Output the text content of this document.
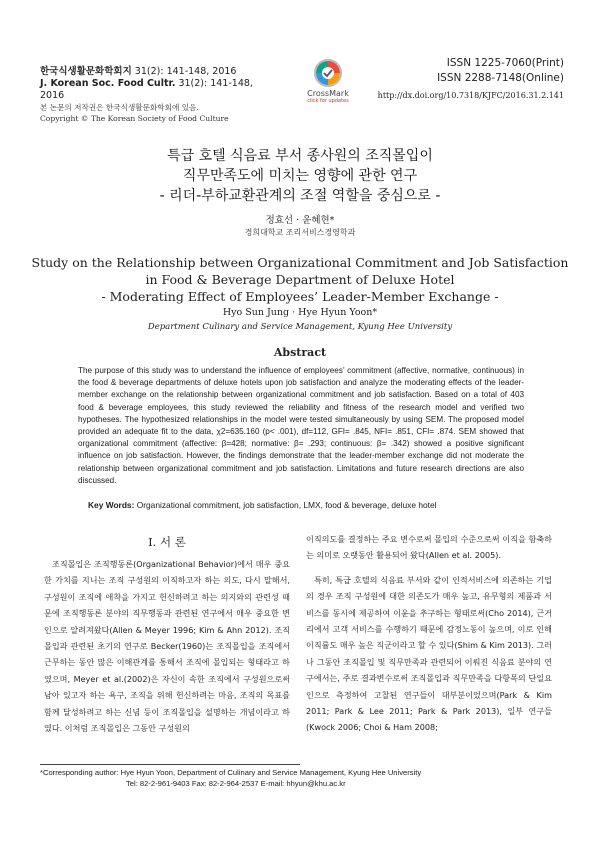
한국식생활문화학회지 31(2): 141-148, 2016
J. Korean Soc. Food Cultr. 31(2): 141-148, 2016
본 논문의 저작권은 한국식생활문화학회에 있음.
Copyright © The Korean Society of Food Culture
CrossMark
click for updates
ISSN 1225-7060(Print)
ISSN 2288-7148(Online)
http://dx.doi.org/10.7318/KJFC/2016.31.2.141
특급 호텔 식음료 부서 종사원의 조직몰입이
직무만족도에 미치는 영향에 관한 연구
- 리더-부하교환관계의 조절 역할을 중심으로 -
정효선 · 윤혜현*
경희대학교 조리서비스경영학과
Study on the Relationship between Organizational Commitment and Job Satisfaction
in Food & Beverage Department of Deluxe Hotel
- Moderating Effect of Employees’ Leader-Member Exchange -
Hyo Sun Jung · Hye Hyun Yoon*
Department Culinary and Service Management, Kyung Hee University
Abstract
The purpose of this study was to understand the influence of employees’ commitment (affective, normative, continuous) in the food & beverage departments of deluxe hotels upon job satisfaction and analyze the moderating effects of the leader-member exchange on the relationship between organizational commitment and job satisfaction. Based on a total of 403 food & beverage employees, this study reviewed the reliability and fitness of the research model and verified two hypotheses. The hypothesized relationships in the model were tested simultaneously by using SEM. The proposed model provided an adequate fit to the data, χ2=635.160 (p< .001), df=112, GFI= .845, NFI= .851, CFI= .874. SEM showed that organizational commitment (affective: β=428; normative: β= .293; continuous: β= .342) showed a positive significant influence on job satisfaction. However, the findings demonstrate that the leader-member exchange did not moderate the relationship between organizational commitment and job satisfaction. Limitations and future research directions are also discussed.
Key Words: Organizational commitment, job satisfaction, LMX, food & beverage, deluxe hotel
I. 서 론
조직몰입은 조직행동론(Organizational Behavior)에서 매우 중요한 가치를 지니는 조직 구성원의 이직하고자 하는 의도, 다시 말해서, 구성원이 조직에 애착을 가지고 헌신하려고 하는 의지와의 관련성 때문에 조직행동론 분야의 직무행동과 관련된 연구에서 매우 중요한 변인으로 알려져왔다(Allen & Meyer 1996; Kim & Ahn 2012). 조직몰입과 관련된 초기의 연구로 Becker(1960)는 조직몰입을 조직에서 근무하는 동안 많은 이해관계를 통해서 조직에 몰입되는 형태라고 하였으며, Meyer et al.(2002)은 자신이 속한 조직에서 구성원으로써 남아 있고자 하는 욕구, 조직을 위해 헌신하려는 마음, 조직의 목표를 함께 달성하려고 하는 신념 등이 조직몰입을 설명하는 개념이라고 하였다. 이처럼 조직몰입은 그동안 구성원의
이직의도를 결정하는 주요 변수로써 몰입의 수준으로써 이직을 함축하는 의미로 오랫동안 활용되어 왔다(Allen et al. 2005).
특히, 특급 호텔의 식음료 부서와 같이 인적서비스에 의존하는 기업의 경우 조직 구성원에 대한 의존도가 매우 높고, 유무형의 제품과 서비스를 동시에 제공하여 이윤을 추구하는 형태로써(Cho 2014), 근거리에서 고객 서비스를 수행하기 때문에 감정노동이 높으며, 이로 인해 이직률도 매우 높은 직군이라고 할 수 있다(Shim & Kim 2013). 그러나 그동안 조직몰입 및 직무만족과 관련되어 이뤄진 식음료 분야의 연구에서는, 주로 결과변수로써 조직몰입과 직무만족을 다항목의 단일요인으로 측정하여 고찰된 연구들이 대부분이었으며(Park & Kim 2011; Park & Lee 2011; Park & Park 2013), 일부 연구들(Kwock 2006; Choi & Ham 2008;
*Corresponding author: Hye Hyun Yoon, Department of Culinary and Service Management, Kyung Hee University
Tel: 82-2-961-9403 Fax: 82-2-964-2537 E-mail: hhyun@khu.ac.kr
